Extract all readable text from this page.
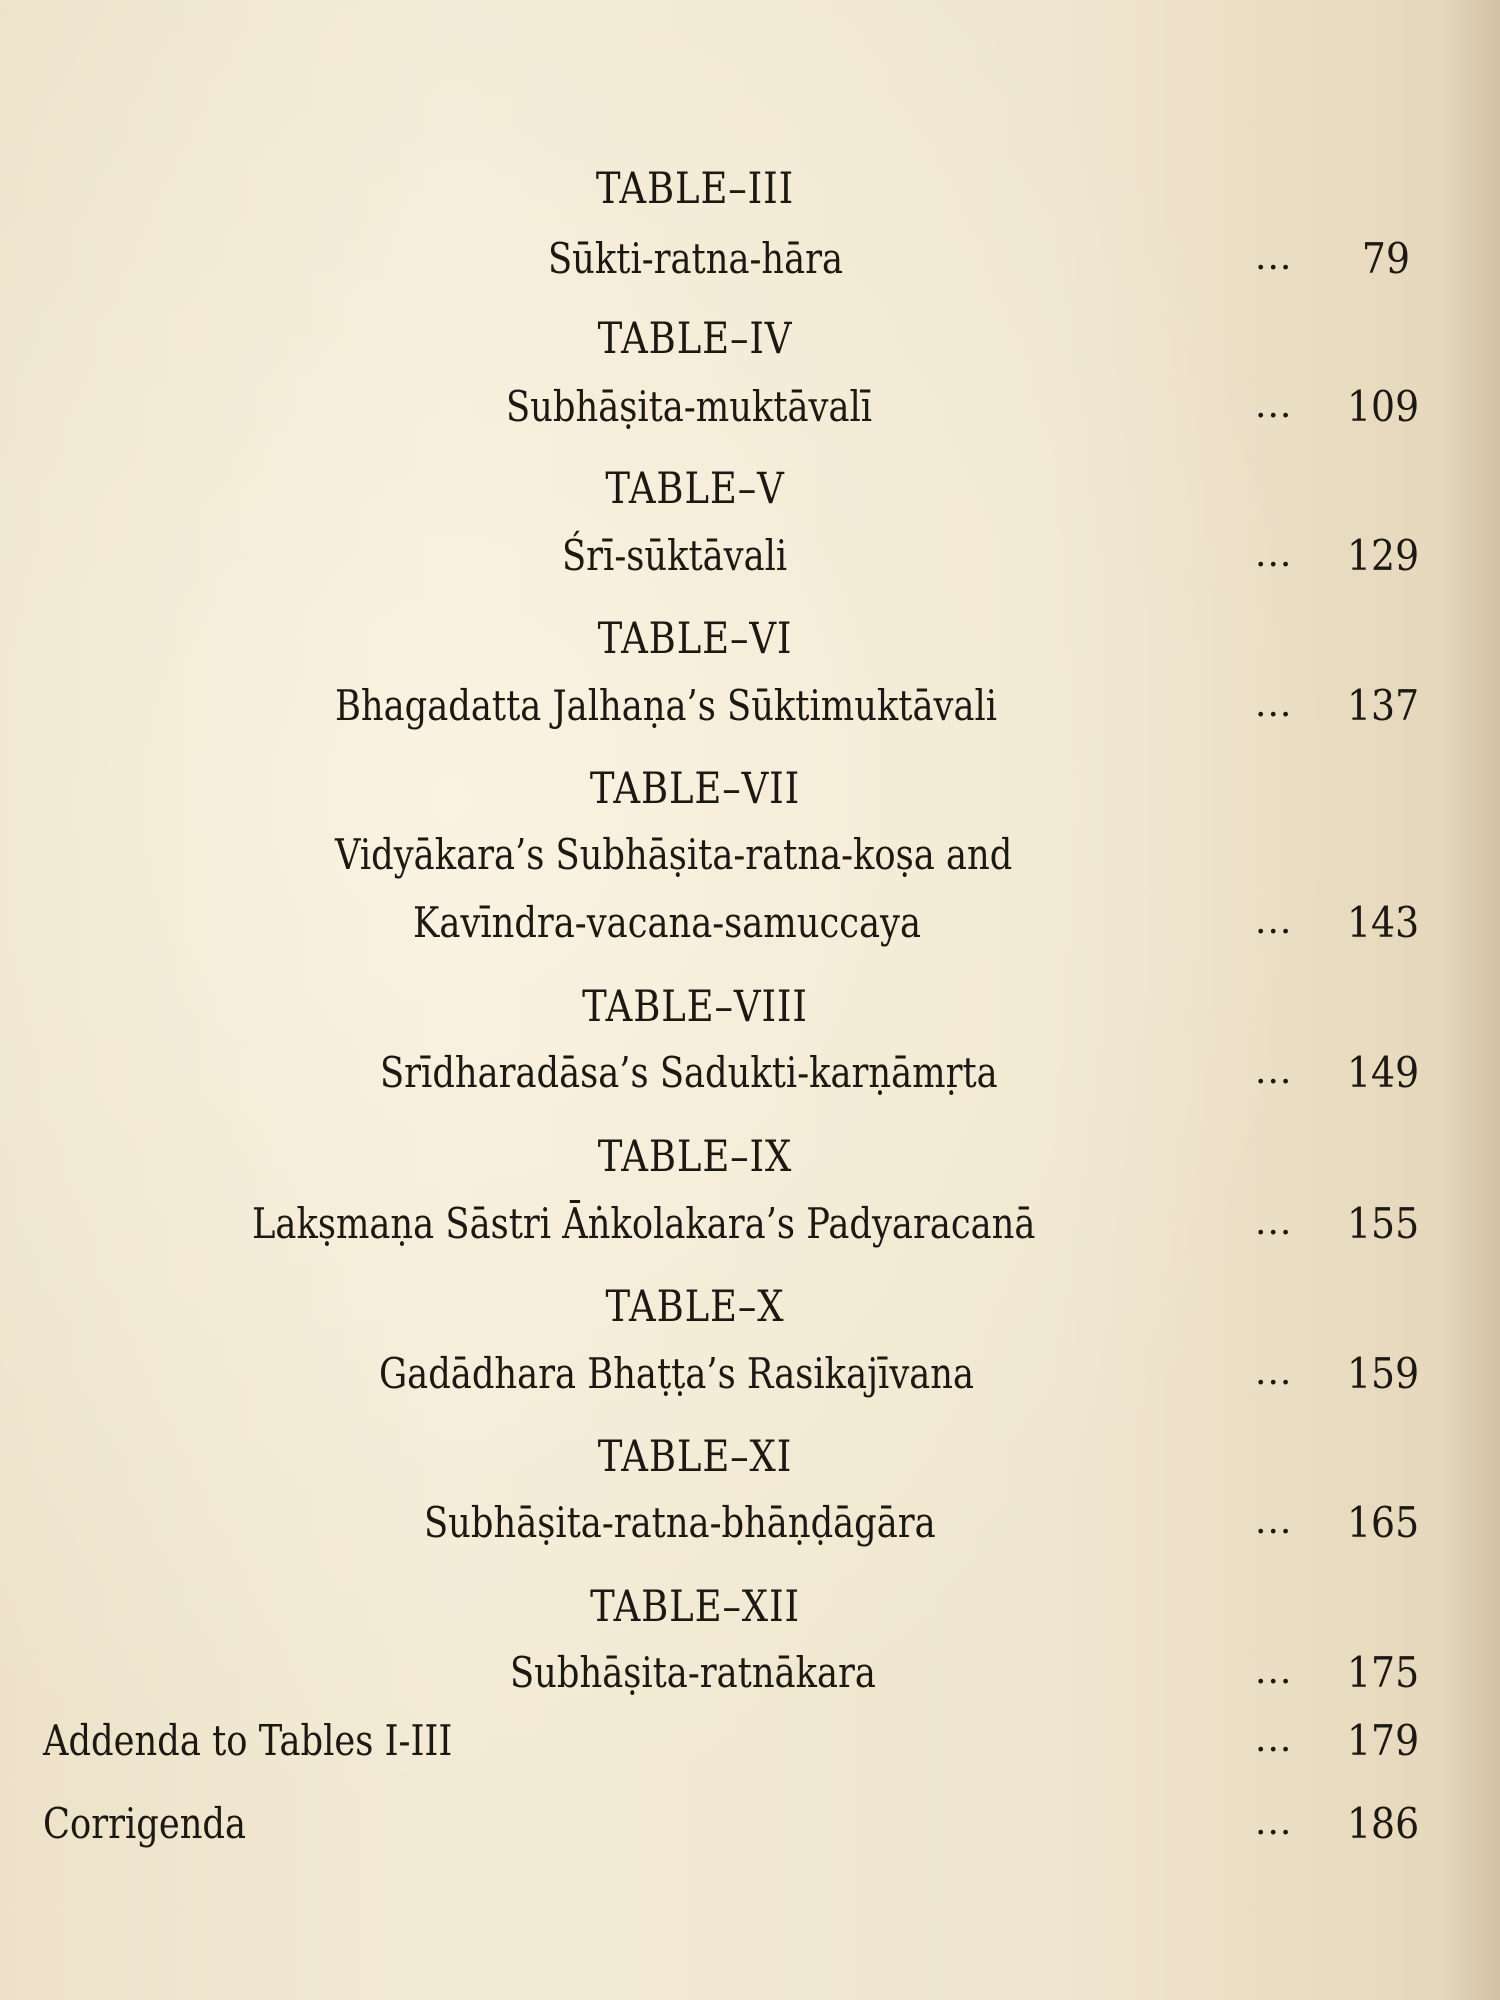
TABLE–III
Sūkti-ratna-hāra	...	79
TABLE–IV
Subhāṣita-muktāvalī	... 109
TABLE–V
Śrī-sūktāvali	... 129
TABLE–VI
Bhagadatta Jalhaṇa’s Sūktimuktāvali	... 137
TABLE–VII
Vidyākara’s Subhāṣita-ratna-koṣa and
Kavīndra-vacana-samuccaya	... 143
TABLE–VIII
Srīdharadāsa’s Sadukti-karṇāmṛta	... 149
TABLE–IX
Lakṣmaṇa Sāstri Āṅkolakara’s Padyaracanā	... 155
TABLE–X
Gadādhara Bhaṭṭa’s Rasikajīvana	... 159
TABLE–XI
Subhāṣita-ratna-bhāṇḍāgāra	... 165
TABLE–XII
Subhāṣita-ratnākara	... 175
Addenda to Tables I-III	... 179
Corrigenda	... 186
